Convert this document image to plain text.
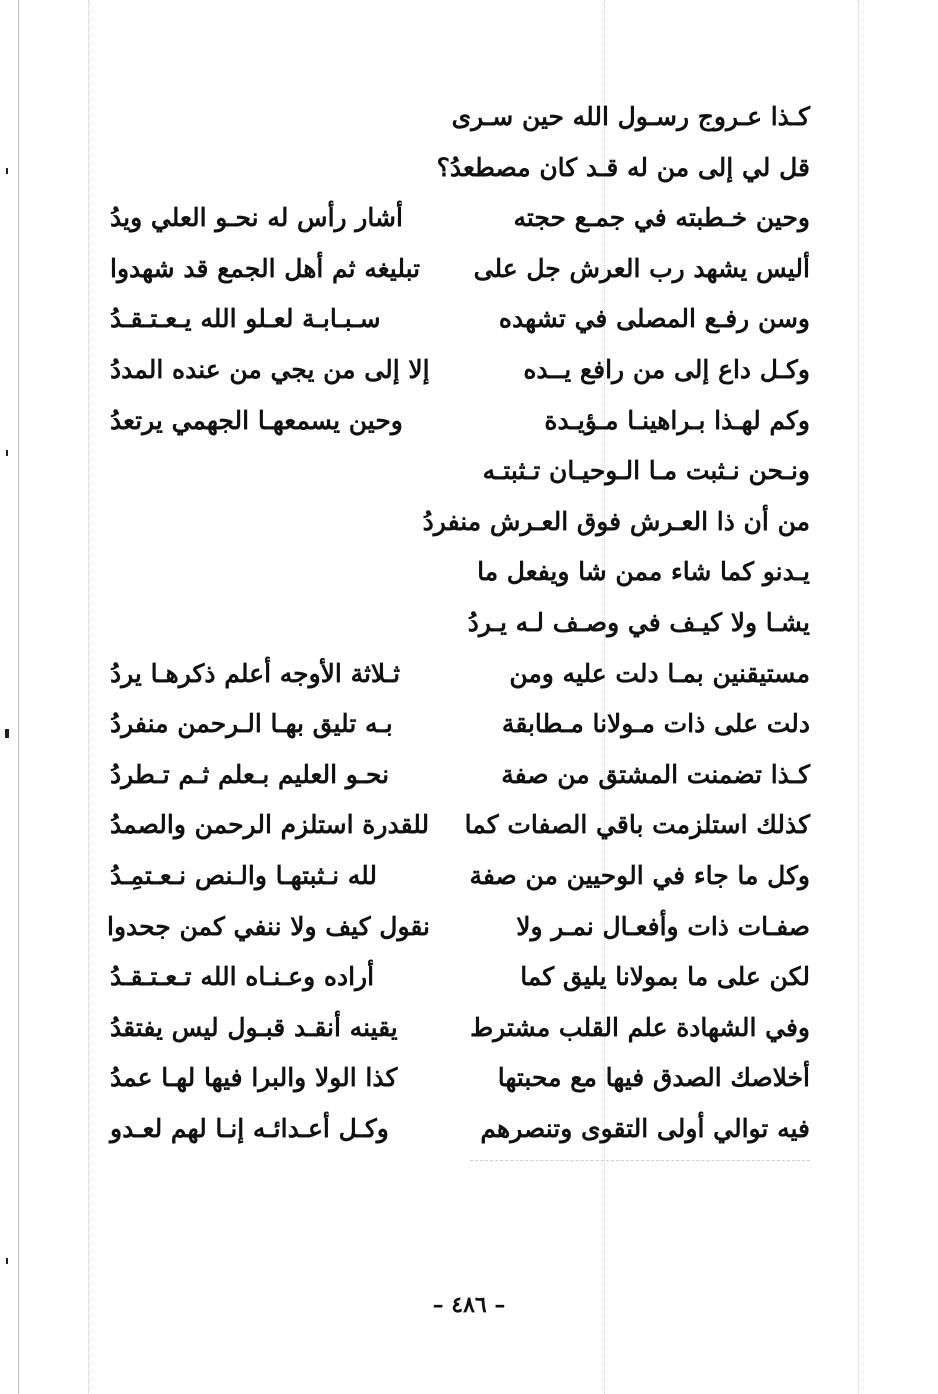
كـذا عـروج رسـول الله حين سـرى
قل لي إلى من له قـد كان مصطعدُ؟
وحين خـطبته في جمـع حجته
أشار رأس له نحـو العلي ويدُ
أليس يشهد رب العرش جل على
تبليغه ثم أهل الجمع قد شهدوا
وسن رفـع المصلى في تشهده
سـبـابـة لعـلو الله يـعـتـقـدُ
وكـل داع إلى من رافع يــده
إلا إلى من يجي من عنده المددُ
وكم لهـذا بـراهينـا مـؤيـدة
وحين يسمعهـا الجهمي يرتعدُ
ونـحن نـثبت مـا الـوحيـان تـثبتـه
من أن ذا العـرش فوق العـرش منفردُ
يـدنو كما شاء ممن شا ويفعل ما
يشـا ولا كيـف في وصـف لـه يـردُ
مستيقنين بمـا دلت عليه ومن
ثـلاثة الأوجه أعلم ذكرهـا يردُ
دلت على ذات مـولانا مـطابقة
بـه تليق بهـا الـرحمن منفردُ
كـذا تضمنت المشتق من صفة
نحـو العليم بـعلم ثـم تـطردُ
كذلك استلزمت باقي الصفات كما
للقدرة استلزم الرحمن والصمدُ
وكل ما جاء في الوحيين من صفة
لله نـثبتهـا والـنص نـعـتمِـدُ
صفـات ذات وأفعـال نمـر ولا
نقول كيف ولا ننفي كمن جحدوا
لكن على ما بمولانا يليق كما
أراده وعـنـاه الله تـعـتـقـدُ
وفي الشهادة علم القلب مشترط
يقينه أنقـد قبـول ليس يفتقدُ
أخلاصك الصدق فيها مع محبتها
كذا الولا والبرا فيها لهـا عمدُ
فيه توالي أولى التقوى وتنصرهم
وكـل أعـدائـه إنـا لهم لعـدو
– ٤٨٦ –
